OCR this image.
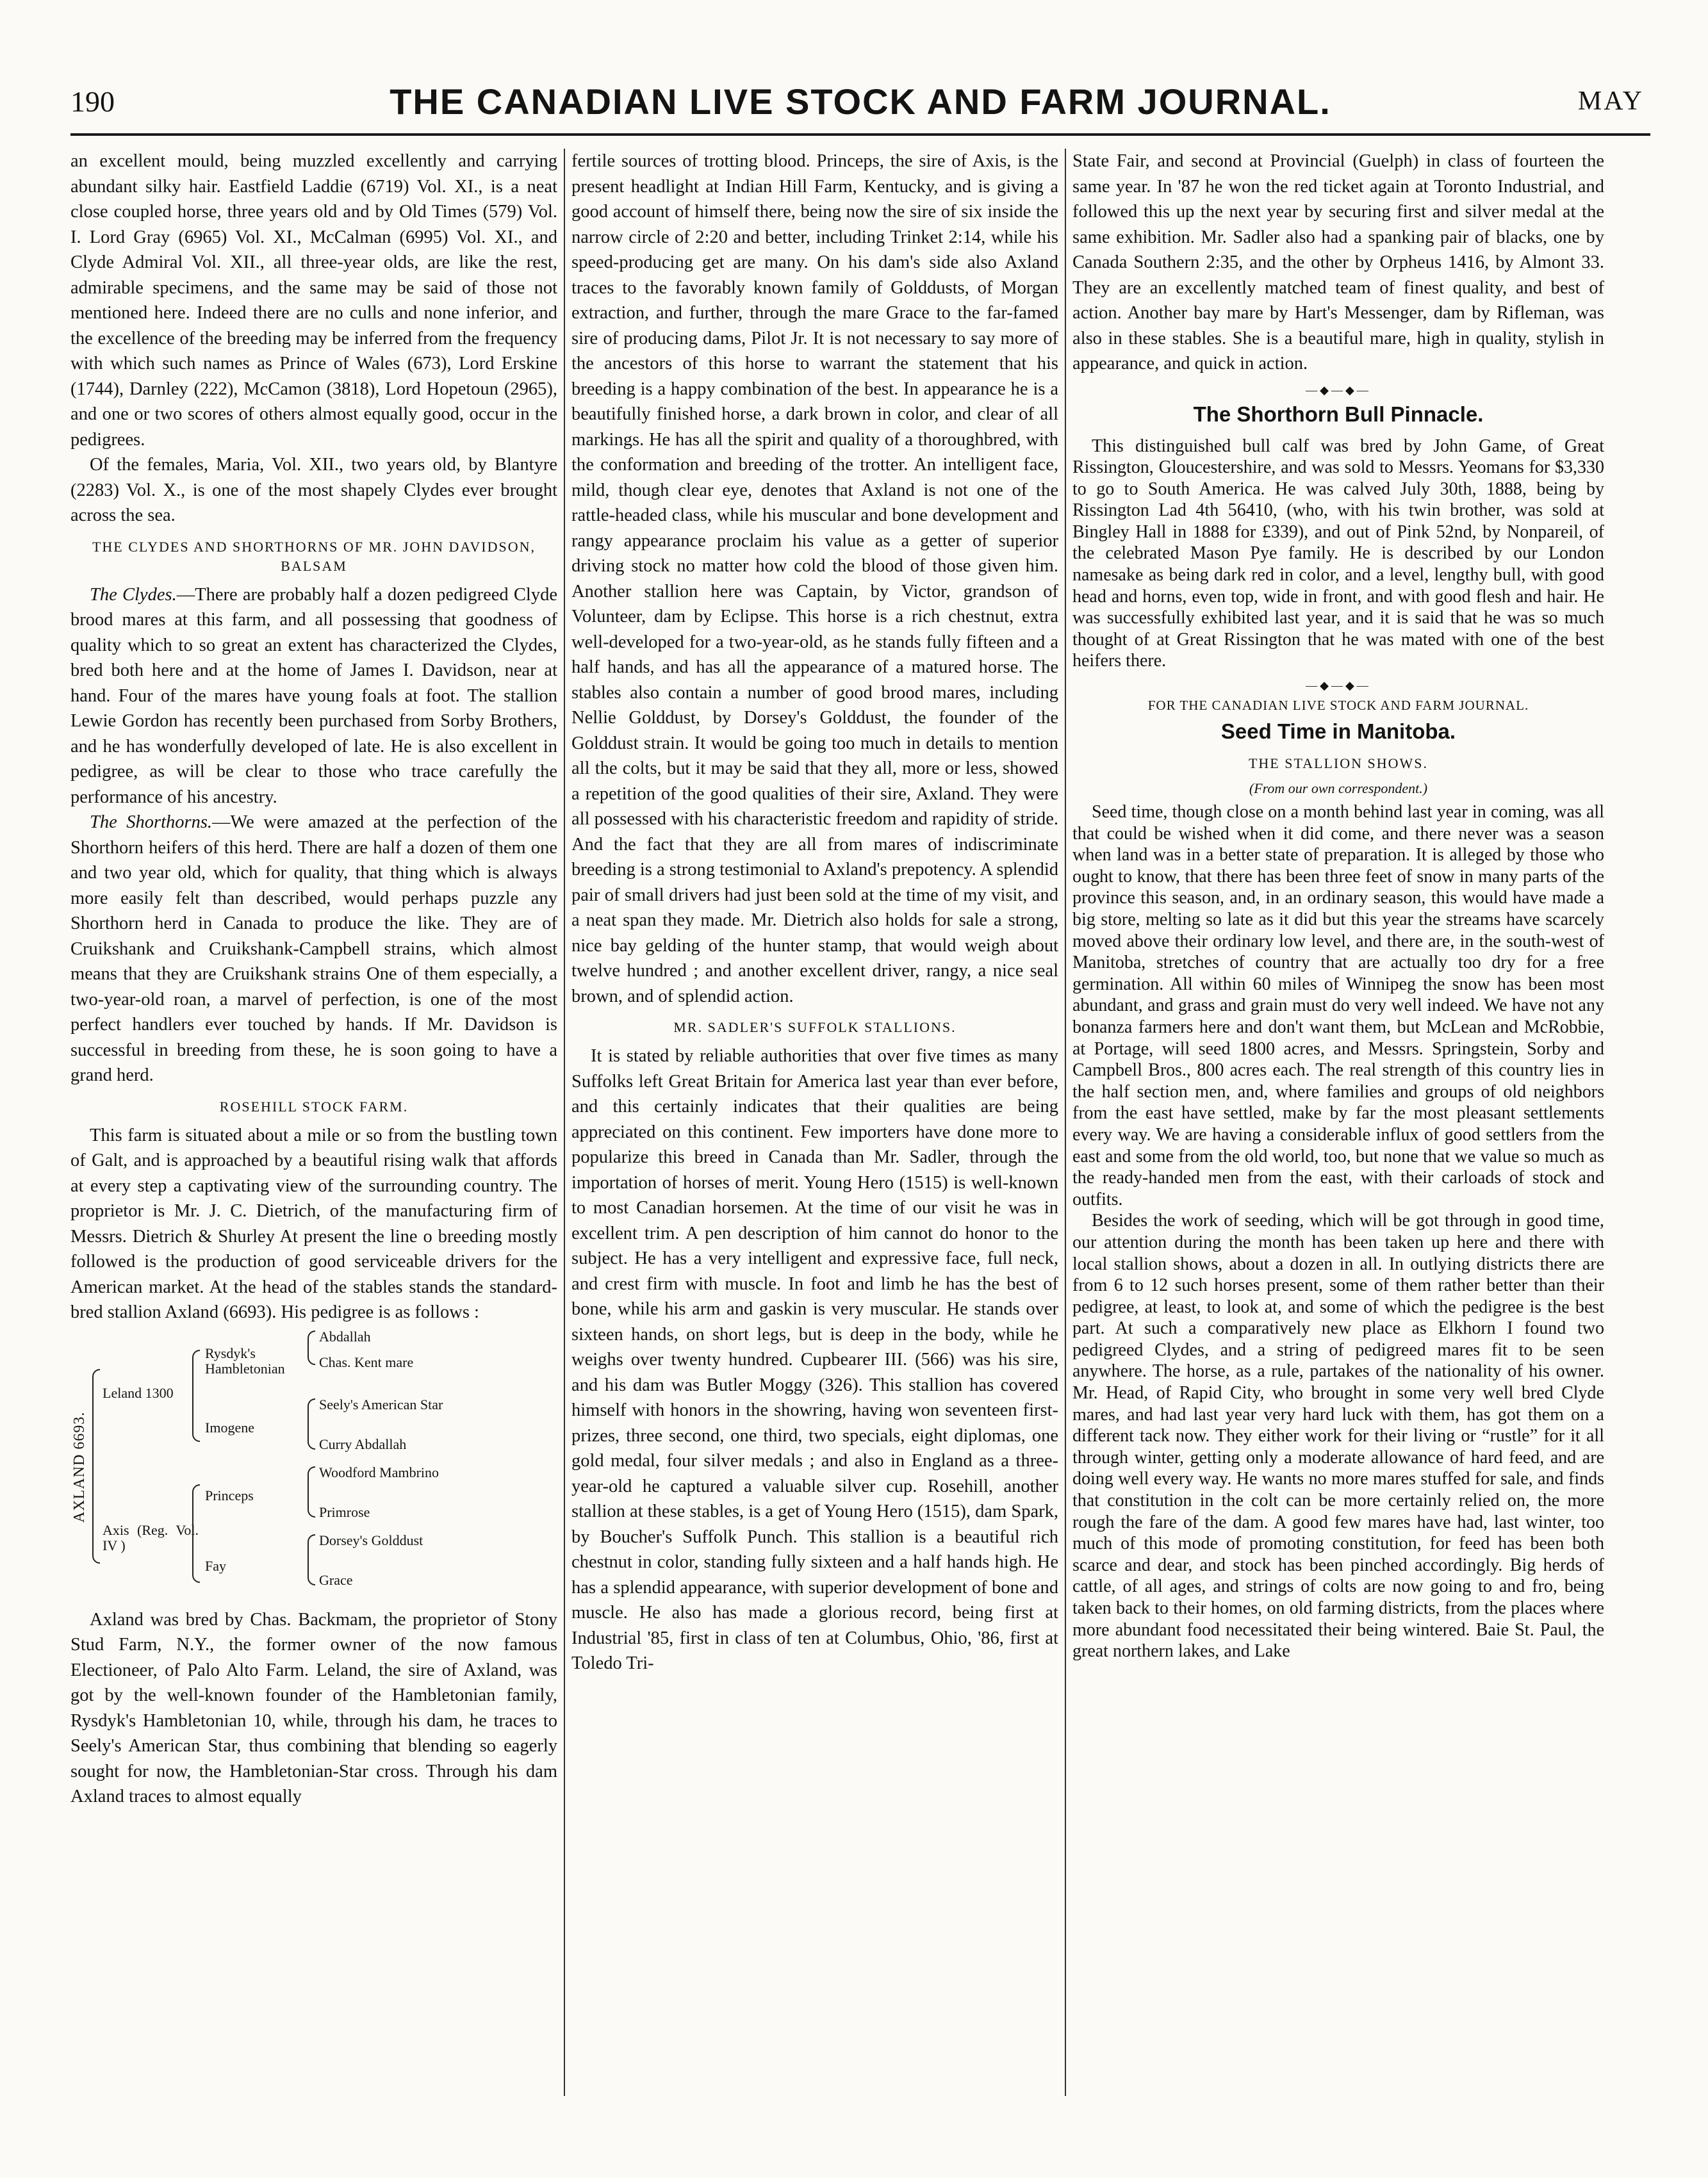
190	THE CANADIAN LIVE STOCK AND FARM JOURNAL.	MAY

an excellent mould, being muzzled excellently and carrying abundant silky hair. Eastfield Laddie (6719) Vol. XI., is a neat close coupled horse, three years old and by Old Times (579) Vol. I. Lord Gray (6965) Vol. XI., McCalman (6995) Vol. XI., and Clyde Admiral Vol. XII., all three-year olds, are like the rest, admirable specimens, and the same may be said of those not mentioned here. Indeed there are no culls and none inferior, and the excellence of the breeding may be inferred from the frequency with which such names as Prince of Wales (673), Lord Erskine (1744), Darnley (222), McCamon (3818), Lord Hopetoun (2965), and one or two scores of others almost equally good, occur in the pedigrees.

Of the females, Maria, Vol. XII., two years old, by Blantyre (2283) Vol. X., is one of the most shapely Clydes ever brought across the sea.

THE CLYDES AND SHORTHORNS OF MR. JOHN DAVIDSON, BALSAM

The Clydes.—There are probably half a dozen pedigreed Clyde brood mares at this farm, and all possessing that goodness of quality which to so great an extent has characterized the Clydes, bred both here and at the home of James I. Davidson, near at hand. Four of the mares have young foals at foot. The stallion Lewie Gordon has recently been purchased from Sorby Brothers, and he has wonderfully developed of late. He is also excellent in pedigree, as will be clear to those who trace carefully the performance of his ancestry.

The Shorthorns.—We were amazed at the perfection of the Shorthorn heifers of this herd. There are half a dozen of them one and two year old, which for quality, that thing which is always more easily felt than described, would perhaps puzzle any Shorthorn herd in Canada to produce the like. They are of Cruikshank and Cruikshank-Campbell strains, which almost means that they are Cruikshank strains One of them especially, a two-year-old roan, a marvel of perfection, is one of the most perfect handlers ever touched by hands. If Mr. Davidson is successful in breeding from these, he is soon going to have a grand herd.

ROSEHILL STOCK FARM.

This farm is situated about a mile or so from the bustling town of Galt, and is approached by a beautiful rising walk that affords at every step a captivating view of the surrounding country. The proprietor is Mr. J. C. Dietrich, of the manufacturing firm of Messrs. Dietrich & Shurley At present the line o breeding mostly followed is the production of good serviceable drivers for the American market. At the head of the stables stands the standard-bred stallion Axland (6693). His pedigree is as follows :

AXLAND 6693.
Leland 1300
Axis (Reg. Vol. IV )
Rysdyk's Hambletonian
Imogene
Princeps
Fay
Abdallah
Chas. Kent mare
Seely's American Star
Curry Abdallah
Woodford Mambrino
Primrose
Dorsey's Golddust
Grace

Axland was bred by Chas. Backmam, the proprietor of Stony Stud Farm, N.Y., the former owner of the now famous Electioneer, of Palo Alto Farm. Leland, the sire of Axland, was got by the well-known founder of the Hambletonian family, Rysdyk's Hambletonian 10, while, through his dam, he traces to Seely's American Star, thus combining that blending so eagerly sought for now, the Hambletonian-Star cross. Through his dam Axland traces to almost equally

fertile sources of trotting blood. Princeps, the sire of Axis, is the present headlight at Indian Hill Farm, Kentucky, and is giving a good account of himself there, being now the sire of six inside the narrow circle of 2:20 and better, including Trinket 2:14, while his speed-producing get are many. On his dam's side also Axland traces to the favorably known family of Golddusts, of Morgan extraction, and further, through the mare Grace to the far-famed sire of producing dams, Pilot Jr. It is not necessary to say more of the ancestors of this horse to warrant the statement that his breeding is a happy combination of the best. In appearance he is a beautifully finished horse, a dark brown in color, and clear of all markings. He has all the spirit and quality of a thoroughbred, with the conformation and breeding of the trotter. An intelligent face, mild, though clear eye, denotes that Axland is not one of the rattle-headed class, while his muscular and bone development and rangy appearance proclaim his value as a getter of superior driving stock no matter how cold the blood of those given him. Another stallion here was Captain, by Victor, grandson of Volunteer, dam by Eclipse. This horse is a rich chestnut, extra well-developed for a two-year-old, as he stands fully fifteen and a half hands, and has all the appearance of a matured horse. The stables also contain a number of good brood mares, including Nellie Golddust, by Dorsey's Golddust, the founder of the Golddust strain. It would be going too much in details to mention all the colts, but it may be said that they all, more or less, showed a repetition of the good qualities of their sire, Axland. They were all possessed with his characteristic freedom and rapidity of stride. And the fact that they are all from mares of indiscriminate breeding is a strong testimonial to Axland's prepotency. A splendid pair of small drivers had just been sold at the time of my visit, and a neat span they made. Mr. Dietrich also holds for sale a strong, nice bay gelding of the hunter stamp, that would weigh about twelve hundred ; and another excellent driver, rangy, a nice seal brown, and of splendid action.

MR. SADLER'S SUFFOLK STALLIONS.

It is stated by reliable authorities that over five times as many Suffolks left Great Britain for America last year than ever before, and this certainly indicates that their qualities are being appreciated on this continent. Few importers have done more to popularize this breed in Canada than Mr. Sadler, through the importation of horses of merit. Young Hero (1515) is well-known to most Canadian horsemen. At the time of our visit he was in excellent trim. A pen description of him cannot do honor to the subject. He has a very intelligent and expressive face, full neck, and crest firm with muscle. In foot and limb he has the best of bone, while his arm and gaskin is very muscular. He stands over sixteen hands, on short legs, but is deep in the body, while he weighs over twenty hundred. Cupbearer III. (566) was his sire, and his dam was Butler Moggy (326). This stallion has covered himself with honors in the showring, having won seventeen first-prizes, three second, one third, two specials, eight diplomas, one gold medal, four silver medals ; and also in England as a three-year-old he captured a valuable silver cup. Rosehill, another stallion at these stables, is a get of Young Hero (1515), dam Spark, by Boucher's Suffolk Punch. This stallion is a beautiful rich chestnut in color, standing fully sixteen and a half hands high. He has a splendid appearance, with superior development of bone and muscle. He also has made a glorious record, being first at Industrial '85, first in class of ten at Columbus, Ohio, '86, first at Toledo Tri-

State Fair, and second at Provincial (Guelph) in class of fourteen the same year. In '87 he won the red ticket again at Toronto Industrial, and followed this up the next year by securing first and silver medal at the same exhibition. Mr. Sadler also had a spanking pair of blacks, one by Canada Southern 2:35, and the other by Orpheus 1416, by Almont 33. They are an excellently matched team of finest quality, and best of action. Another bay mare by Hart's Messenger, dam by Rifleman, was also in these stables. She is a beautiful mare, high in quality, stylish in appearance, and quick in action.

—◆—◆—
The Shorthorn Bull Pinnacle.

This distinguished bull calf was bred by John Game, of Great Rissington, Gloucestershire, and was sold to Messrs. Yeomans for $3,330 to go to South America. He was calved July 30th, 1888, being by Rissington Lad 4th 56410, (who, with his twin brother, was sold at Bingley Hall in 1888 for £339), and out of Pink 52nd, by Nonpareil, of the celebrated Mason Pye family. He is described by our London namesake as being dark red in color, and a level, lengthy bull, with good head and horns, even top, wide in front, and with good flesh and hair. He was successfully exhibited last year, and it is said that he was so much thought of at Great Rissington that he was mated with one of the best heifers there.

—◆—◆—
FOR THE CANADIAN LIVE STOCK AND FARM JOURNAL.
Seed Time in Manitoba.
THE STALLION SHOWS.
(From our own correspondent.)

Seed time, though close on a month behind last year in coming, was all that could be wished when it did come, and there never was a season when land was in a better state of preparation. It is alleged by those who ought to know, that there has been three feet of snow in many parts of the province this season, and, in an ordinary season, this would have made a big store, melting so late as it did but this year the streams have scarcely moved above their ordinary low level, and there are, in the south-west of Manitoba, stretches of country that are actually too dry for a free germination. All within 60 miles of Winnipeg the snow has been most abundant, and grass and grain must do very well indeed. We have not any bonanza farmers here and don't want them, but McLean and McRobbie, at Portage, will seed 1800 acres, and Messrs. Springstein, Sorby and Campbell Bros., 800 acres each. The real strength of this country lies in the half section men, and, where families and groups of old neighbors from the east have settled, make by far the most pleasant settlements every way. We are having a considerable influx of good settlers from the east and some from the old world, too, but none that we value so much as the ready-handed men from the east, with their carloads of stock and outfits.

Besides the work of seeding, which will be got through in good time, our attention during the month has been taken up here and there with local stallion shows, about a dozen in all. In outlying districts there are from 6 to 12 such horses present, some of them rather better than their pedigree, at least, to look at, and some of which the pedigree is the best part. At such a comparatively new place as Elkhorn I found two pedigreed Clydes, and a string of pedigreed mares fit to be seen anywhere. The horse, as a rule, partakes of the nationality of his owner. Mr. Head, of Rapid City, who brought in some very well bred Clyde mares, and had last year very hard luck with them, has got them on a different tack now. They either work for their living or “rustle” for it all through winter, getting only a moderate allowance of hard feed, and are doing well every way. He wants no more mares stuffed for sale, and finds that constitution in the colt can be more certainly relied on, the more rough the fare of the dam. A good few mares have had, last winter, too much of this mode of promoting constitution, for feed has been both scarce and dear, and stock has been pinched accordingly. Big herds of cattle, of all ages, and strings of colts are now going to and fro, being taken back to their homes, on old farming districts, from the places where more abundant food necessitated their being wintered. Baie St. Paul, the great northern lakes, and Lake
